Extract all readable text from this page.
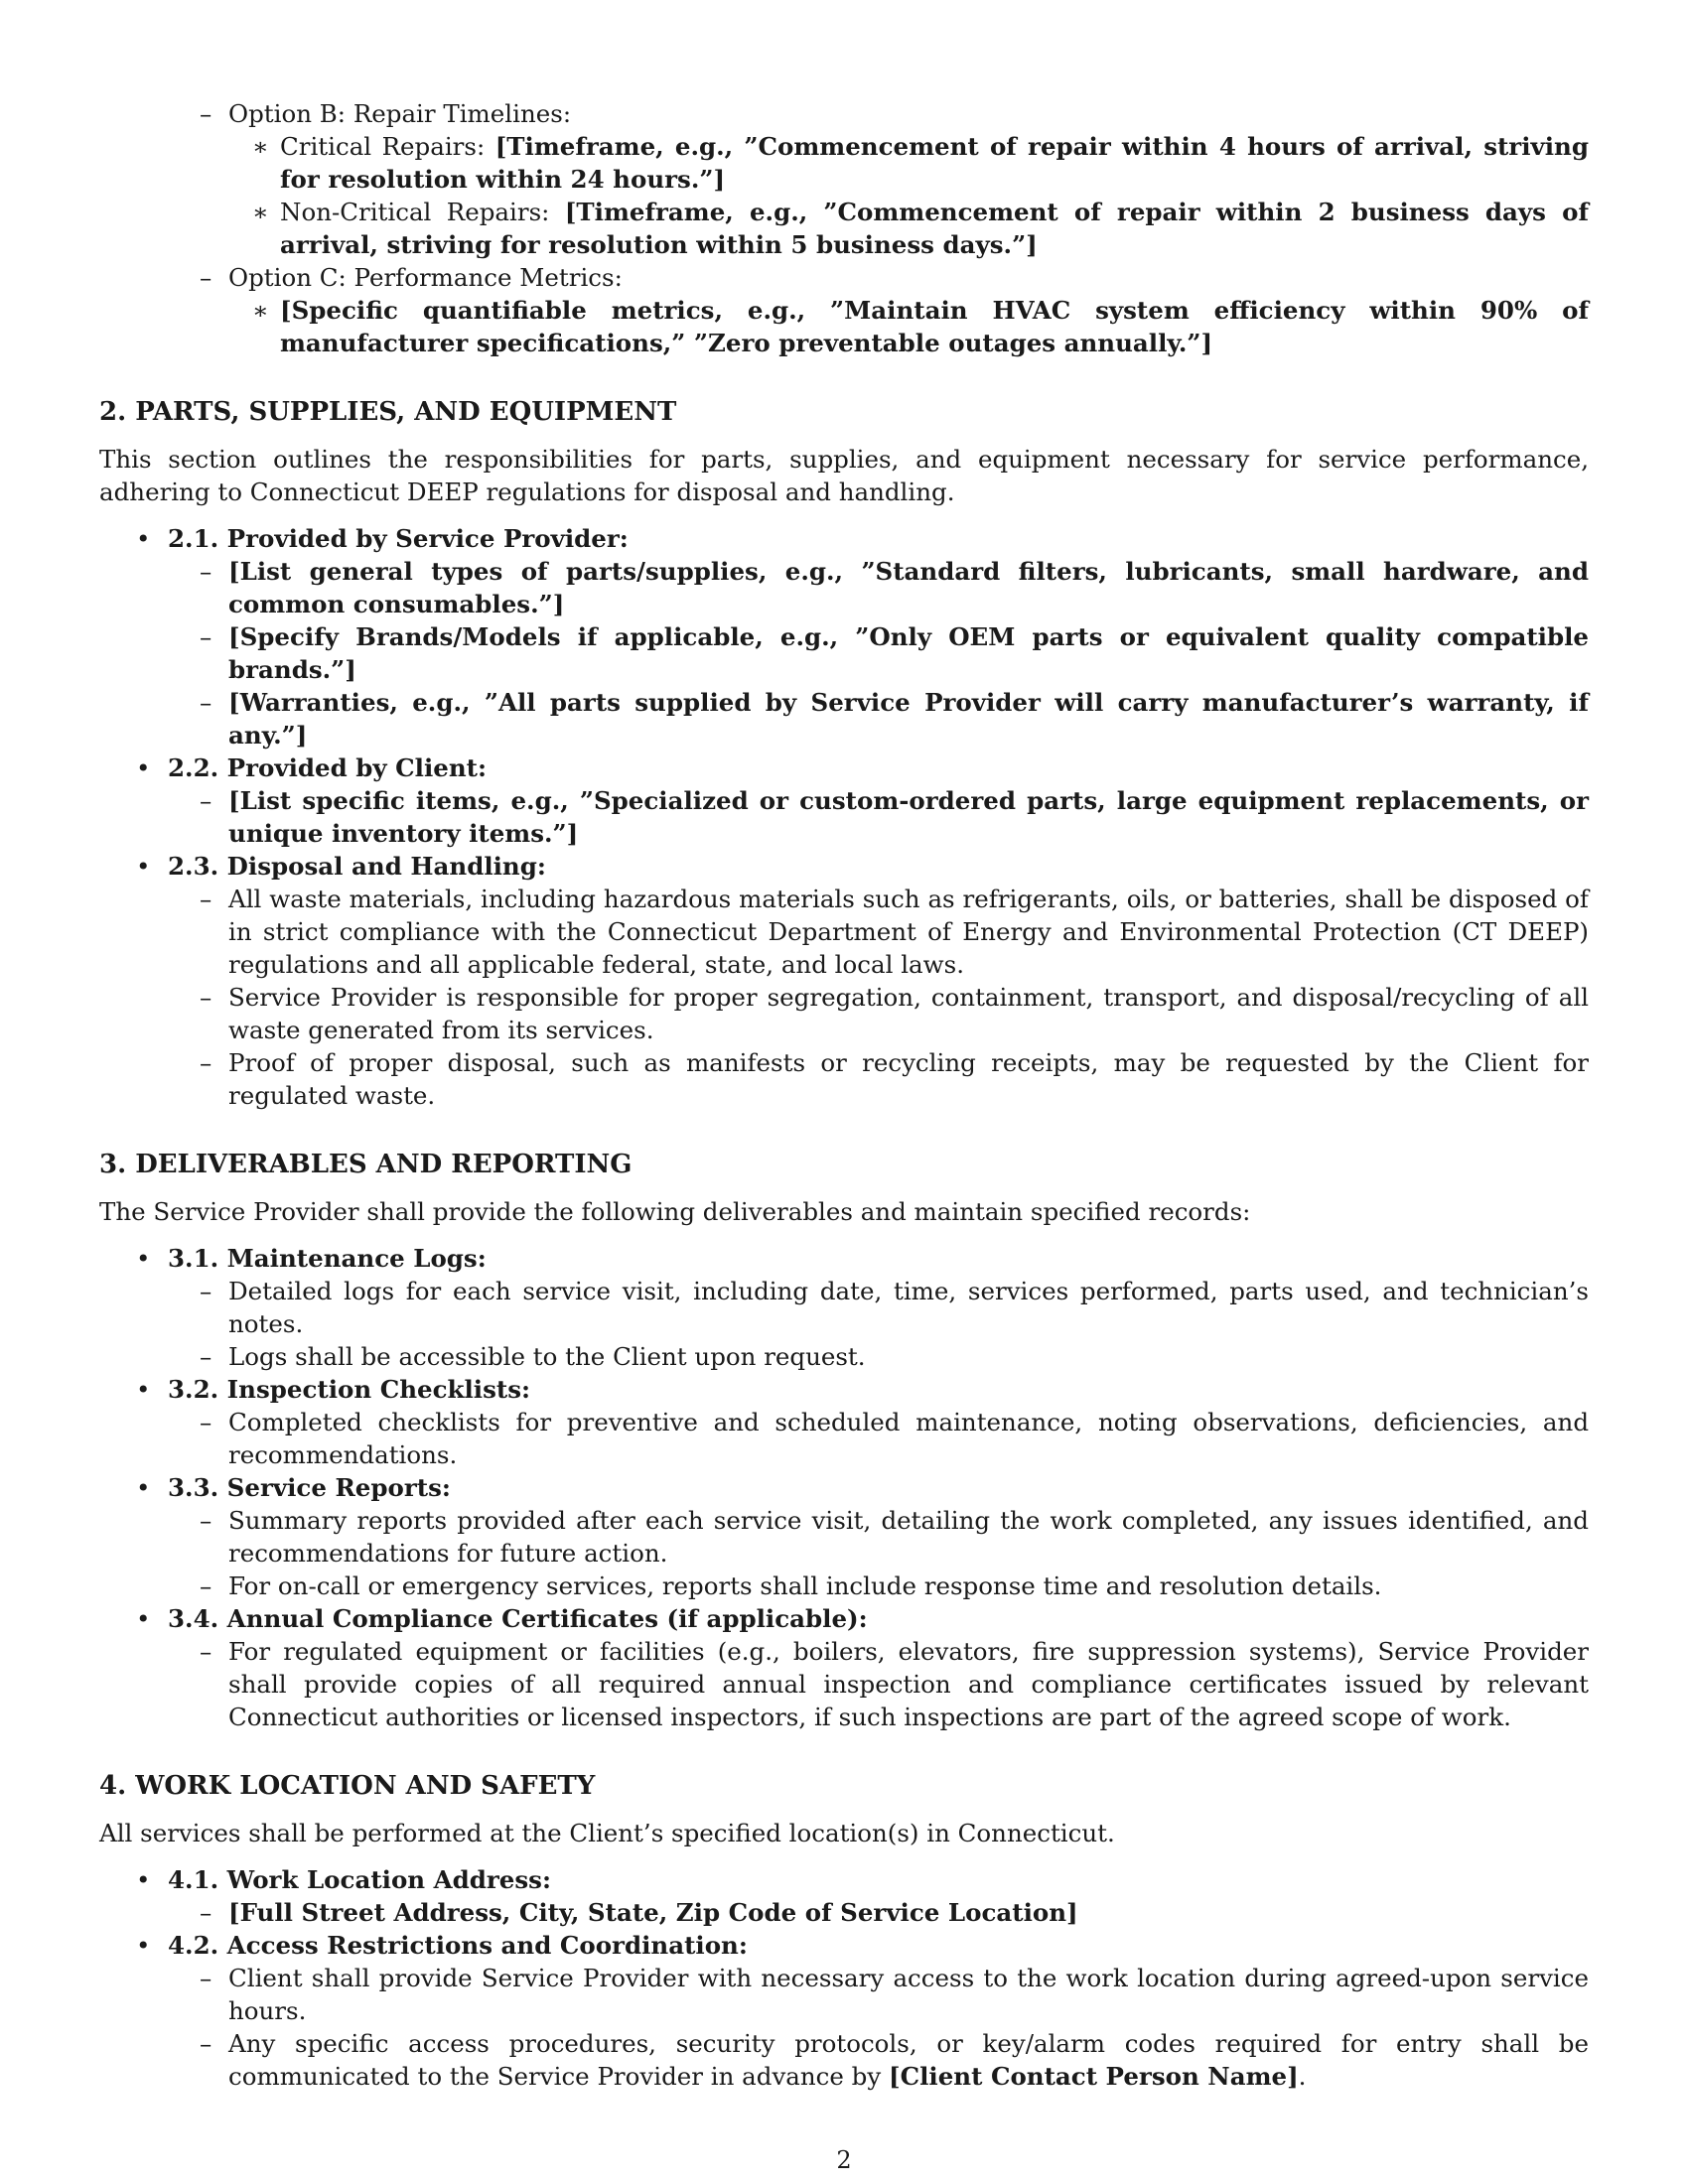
– Option B: Repair Timelines:
∗ Critical Repairs: [Timeframe, e.g., ”Commencement of repair within 4 hours of arrival, striving for resolution within 24 hours.”]
∗ Non-Critical Repairs: [Timeframe, e.g., ”Commencement of repair within 2 business days of arrival, striving for resolution within 5 business days.”]
– Option C: Performance Metrics:
∗ [Specific quantifiable metrics, e.g., ”Maintain HVAC system efficiency within 90% of manufacturer specifications,” ”Zero preventable outages annually.”]
2. PARTS, SUPPLIES, AND EQUIPMENT

This section outlines the responsibilities for parts, supplies, and equipment necessary for service performance, adhering to Connecticut DEEP regulations for disposal and handling.

• 2.1. Provided by Service Provider:
– [List general types of parts/supplies, e.g., ”Standard filters, lubricants, small hardware, and common consumables.”]
– [Specify Brands/Models if applicable, e.g., ”Only OEM parts or equivalent quality compatible brands.”]
– [Warranties, e.g., ”All parts supplied by Service Provider will carry manufacturer’s warranty, if any.”]
• 2.2. Provided by Client:
– [List specific items, e.g., ”Specialized or custom-ordered parts, large equipment replacements, or unique inventory items.”]
• 2.3. Disposal and Handling:
– All waste materials, including hazardous materials such as refrigerants, oils, or batteries, shall be disposed of in strict compliance with the Connecticut Department of Energy and Environmental Protection (CT DEEP) regulations and all applicable federal, state, and local laws.
– Service Provider is responsible for proper segregation, containment, transport, and disposal/recycling of all waste generated from its services.
– Proof of proper disposal, such as manifests or recycling receipts, may be requested by the Client for regulated waste.
3. DELIVERABLES AND REPORTING

The Service Provider shall provide the following deliverables and maintain specified records:

• 3.1. Maintenance Logs:
– Detailed logs for each service visit, including date, time, services performed, parts used, and technician’s notes.
– Logs shall be accessible to the Client upon request.
• 3.2. Inspection Checklists:
– Completed checklists for preventive and scheduled maintenance, noting observations, deficiencies, and recommendations.
• 3.3. Service Reports:
– Summary reports provided after each service visit, detailing the work completed, any issues identified, and recommendations for future action.
– For on-call or emergency services, reports shall include response time and resolution details.
• 3.4. Annual Compliance Certificates (if applicable):
– For regulated equipment or facilities (e.g., boilers, elevators, fire suppression systems), Service Provider shall provide copies of all required annual inspection and compliance certificates issued by relevant Connecticut authorities or licensed inspectors, if such inspections are part of the agreed scope of work.
4. WORK LOCATION AND SAFETY

All services shall be performed at the Client’s specified location(s) in Connecticut.

• 4.1. Work Location Address:
– [Full Street Address, City, State, Zip Code of Service Location]
• 4.2. Access Restrictions and Coordination:
– Client shall provide Service Provider with necessary access to the work location during agreed-upon service hours.
– Any specific access procedures, security protocols, or key/alarm codes required for entry shall be communicated to the Service Provider in advance by [Client Contact Person Name].
2
